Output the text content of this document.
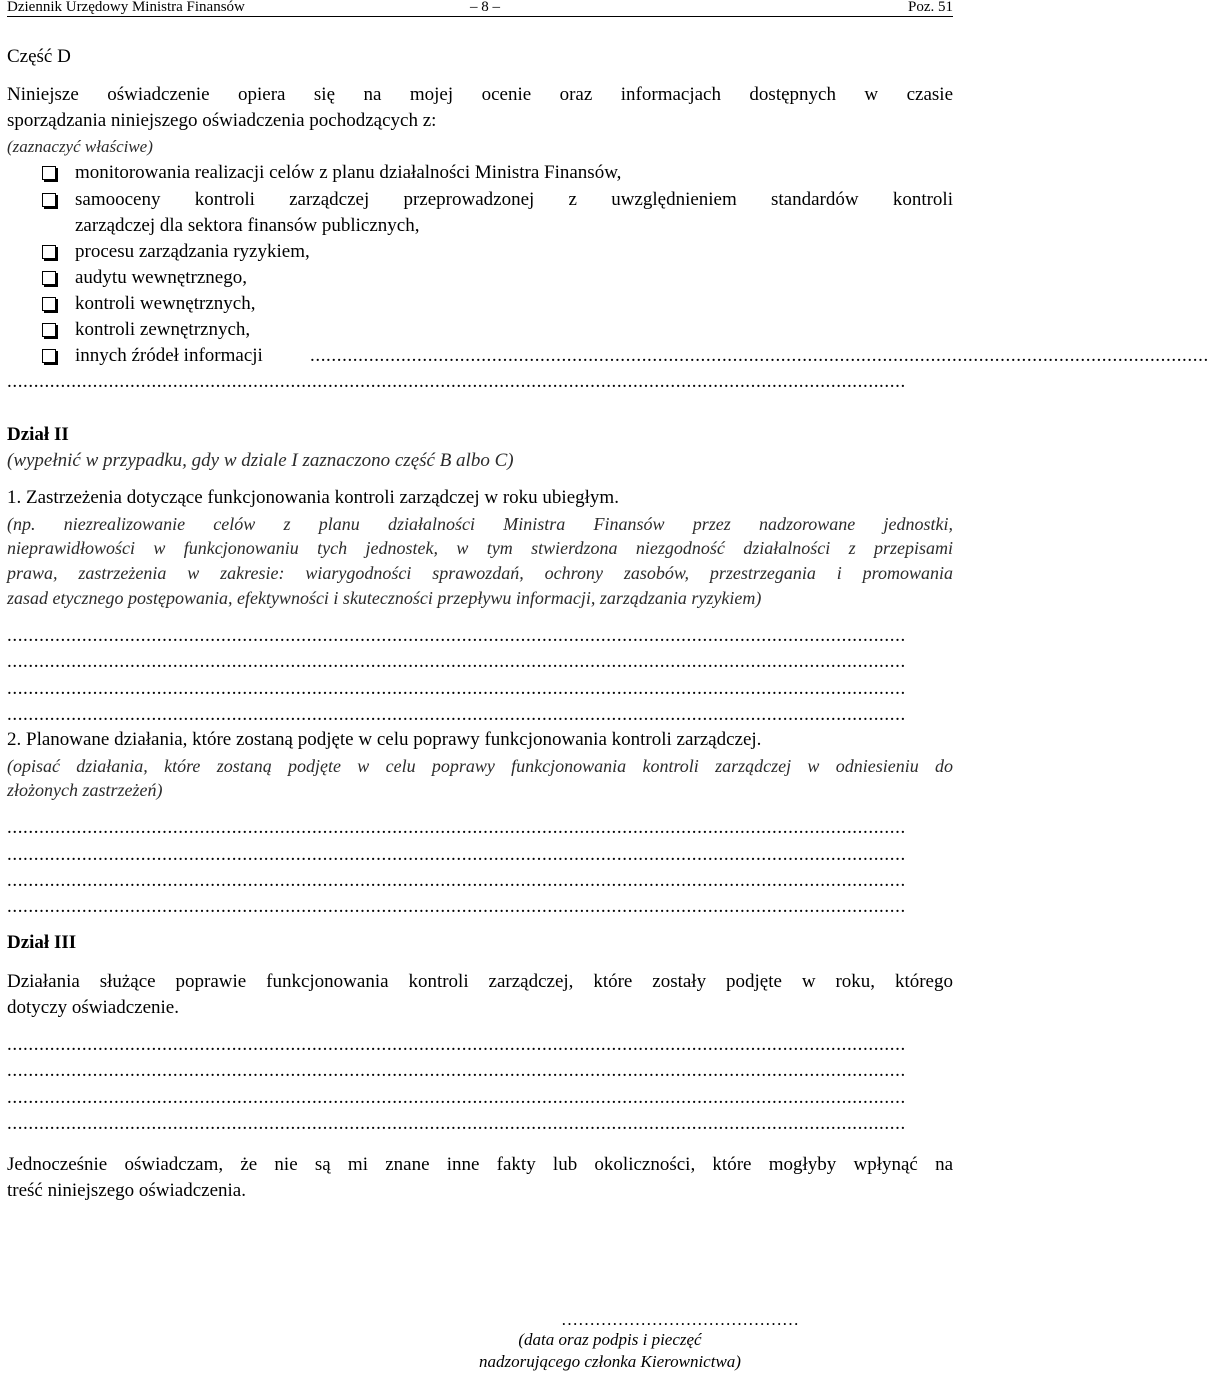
Dziennik Urzędowy Ministra Finansów	– 8 –	Poz. 51
Część D
Niniejsze oświadczenie opiera się na mojej ocenie oraz informacjach dostępnych w czasie
sporządzania niniejszego oświadczenia pochodzących z:
(zaznaczyć właściwe)
monitorowania realizacji celów z planu działalności Ministra Finansów,
samooceny kontroli zarządczej przeprowadzonej z uwzględnieniem standardów kontroli
zarządczej dla sektora finansów publicznych,
procesu zarządzania ryzykiem,
audytu wewnętrznego,
kontroli wewnętrznych,
kontroli zewnętrznych,
innych źródeł informacji ........................................................................................................................................................................
........................................................................................................................................................................
Dział II
(wypełnić w przypadku, gdy w dziale I zaznaczono część B albo C)
1. Zastrzeżenia dotyczące funkcjonowania kontroli zarządczej w roku ubiegłym.
(np. niezrealizowanie celów z planu działalności Ministra Finansów przez nadzorowane jednostki,
nieprawidłowości w funkcjonowaniu tych jednostek, w tym stwierdzona niezgodność działalności z przepisami
prawa, zastrzeżenia w zakresie: wiarygodności sprawozdań, ochrony zasobów, przestrzegania i promowania
zasad etycznego postępowania, efektywności i skuteczności przepływu informacji, zarządzania ryzykiem)
........................................................................................................................................................................
........................................................................................................................................................................
........................................................................................................................................................................
........................................................................................................................................................................
2. Planowane działania, które zostaną podjęte w celu poprawy funkcjonowania kontroli zarządczej.
(opisać działania, które zostaną podjęte w celu poprawy funkcjonowania kontroli zarządczej w odniesieniu do
złożonych zastrzeżeń)
........................................................................................................................................................................
........................................................................................................................................................................
........................................................................................................................................................................
........................................................................................................................................................................
Dział III
Działania służące poprawie funkcjonowania kontroli zarządczej, które zostały podjęte w roku, którego
dotyczy oświadczenie.
........................................................................................................................................................................
........................................................................................................................................................................
........................................................................................................................................................................
........................................................................................................................................................................
Jednocześnie oświadczam, że nie są mi znane inne fakty lub okoliczności, które mogłyby wpłynąć na
treść niniejszego oświadczenia.
……………………………………
(data oraz podpis i pieczęć
nadzorującego członka Kierownictwa)
